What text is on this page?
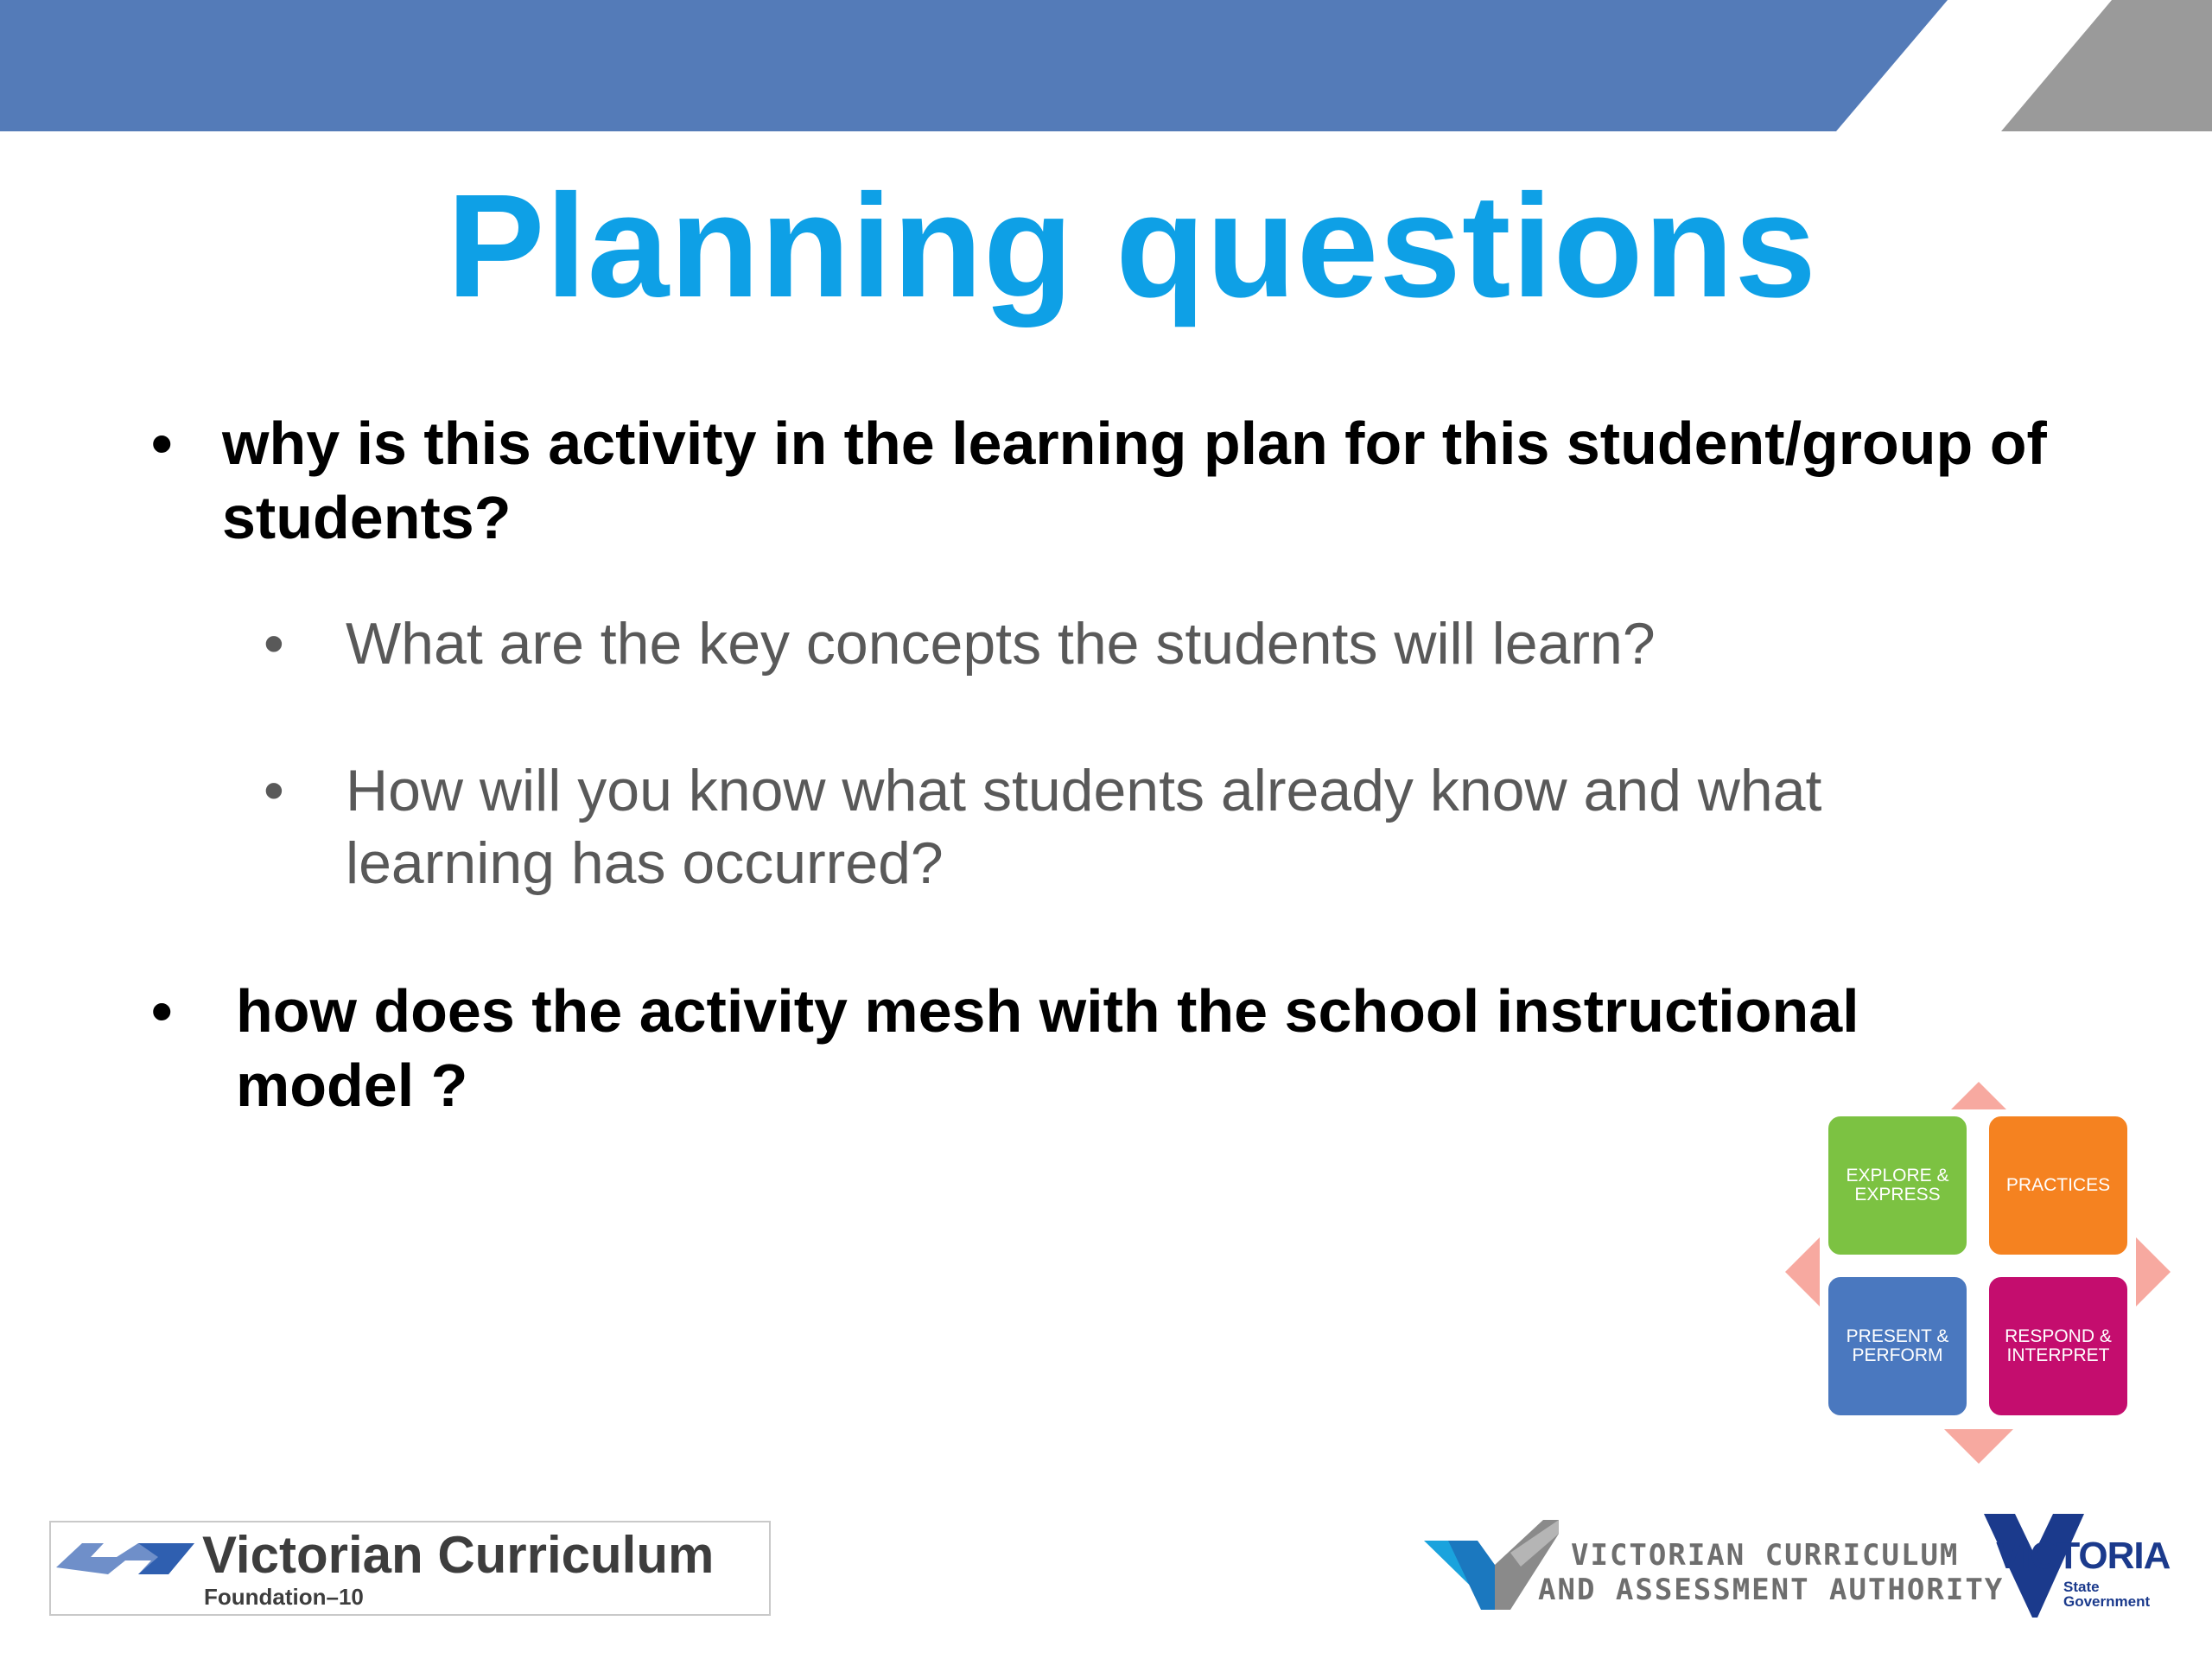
Planning questions
• why is this activity in the learning plan for this student/group of students?
• What are the key concepts the students will learn?
• How will you know what students already know and what learning has occurred?
• how does the activity mesh with the school instructional model ?
EXPLORE & EXPRESS	PRACTICES
PRESENT & PERFORM
RESPOND & INTERPRET
Victorian Curriculum
Foundation–10
VICTORIAN CURRICULUM
AND ASSESSMENT AUTHORITY
VICTORIA
State
Government
